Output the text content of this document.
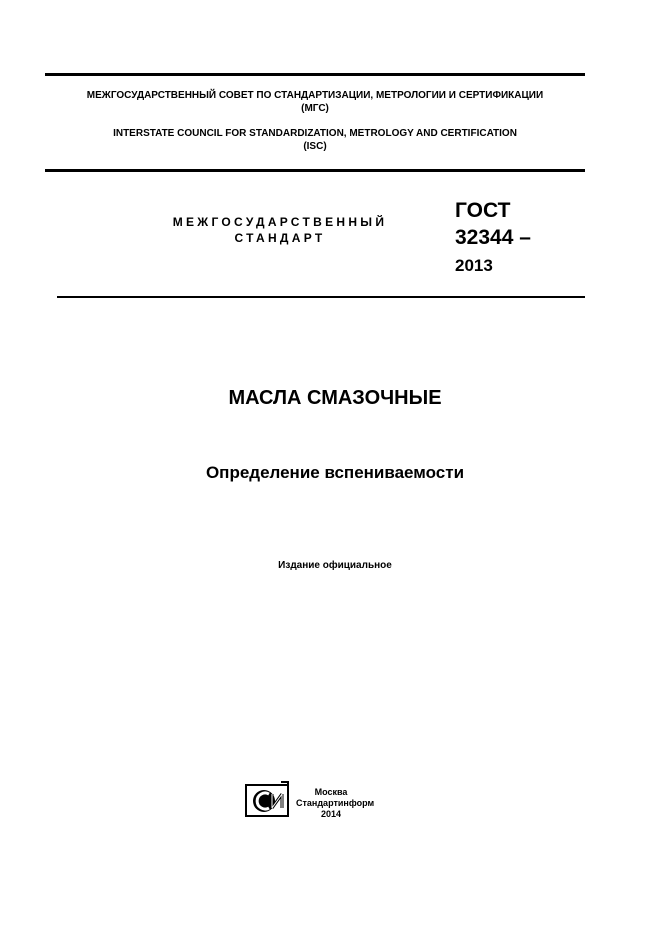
МЕЖГОСУДАРСТВЕННЫЙ СОВЕТ ПО СТАНДАРТИЗАЦИИ, МЕТРОЛОГИИ И СЕРТИФИКАЦИИ
(МГС)
INTERSTATE COUNCIL FOR STANDARDIZATION, METROLOGY AND CERTIFICATION
(ISC)
МЕЖГОСУДАРСТВЕННЫЙ
СТАНДАРТ
ГОСТ
32344 –
2013
МАСЛА СМАЗОЧНЫЕ
Определение вспениваемости
Издание официальное
Москва
Стандартинформ
2014
